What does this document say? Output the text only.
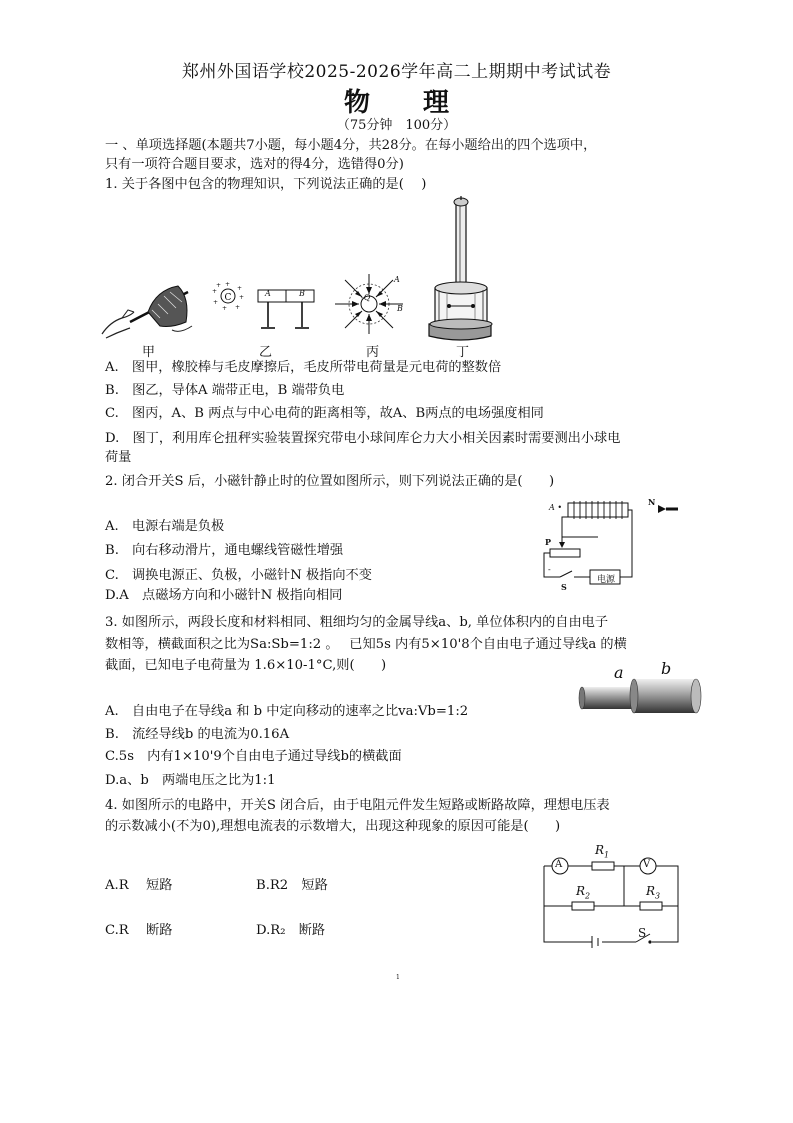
郑州外国语学校2025-2026学年高二上期期中考试试卷
物 理
（75分钟　100分）
一 、单项选择题(本题共7小题，每小题4分，共28分。在每小题给出的四个选项中，
只有一项符合题目要求，选对的得4分，选错得0分)
1. 关于各图中包含的物理知识，下列说法正确的是(　 )
C
+
+
+
+
+
+
+
+
A	B	-Q
A
B
甲	乙	丙	丁
A.　图甲，橡胶棒与毛皮摩擦后，毛皮所带电荷量是元电荷的整数倍
B.　图乙，导体A 端带正电，B 端带负电
C.　图丙，A、B 两点与中心电荷的距离相等，故A、B两点的电场强度相同
D.　图丁，利用库仑扭秤实验装置探究带电小球间库仑力大小相关因素时需要测出小球电
荷量
2. 闭合开关S 后，小磁针静止时的位置如图所示，则下列说法正确的是(　　)
A •
N
P
-
S
电源
A.　电源右端是负极
B.　向右移动滑片，通电螺线管磁性增强
C.　调换电源正、负极，小磁针N 极指向不变
D.A　点磁场方向和小磁针N 极指向相同
3. 如图所示，两段长度和材料相同、粗细均匀的金属导线a、b, 单位体积内的自由电子
数相等，横截面积之比为Sa:Sb=1:2 。　 已知5s 内有5×10'8个自由电子通过导线a 的横
截面，已知电子电荷量为 1.6×10-1°C,则(　　)	a b
A.　自由电子在导线a 和 b 中定向移动的速率之比va:Vb=1:2
B.　流经导线b 的电流为0.16A
C.5s　内有1×10'9个自由电子通过导线b的横截面
D.a、b　两端电压之比为1:1
4. 如图所示的电路中，开关S 闭合后，由于电阻元件发生短路或断路故障，理想电压表
的示数减小(不为0),理想电流表的示数增大，出现这种现象的原因可能是(　　)
A	V
$R_1$
$R_2$	$R_3$
S
A.R　 短路	B.R2　短路
C.R　 断路	D.R₂　断路
1
